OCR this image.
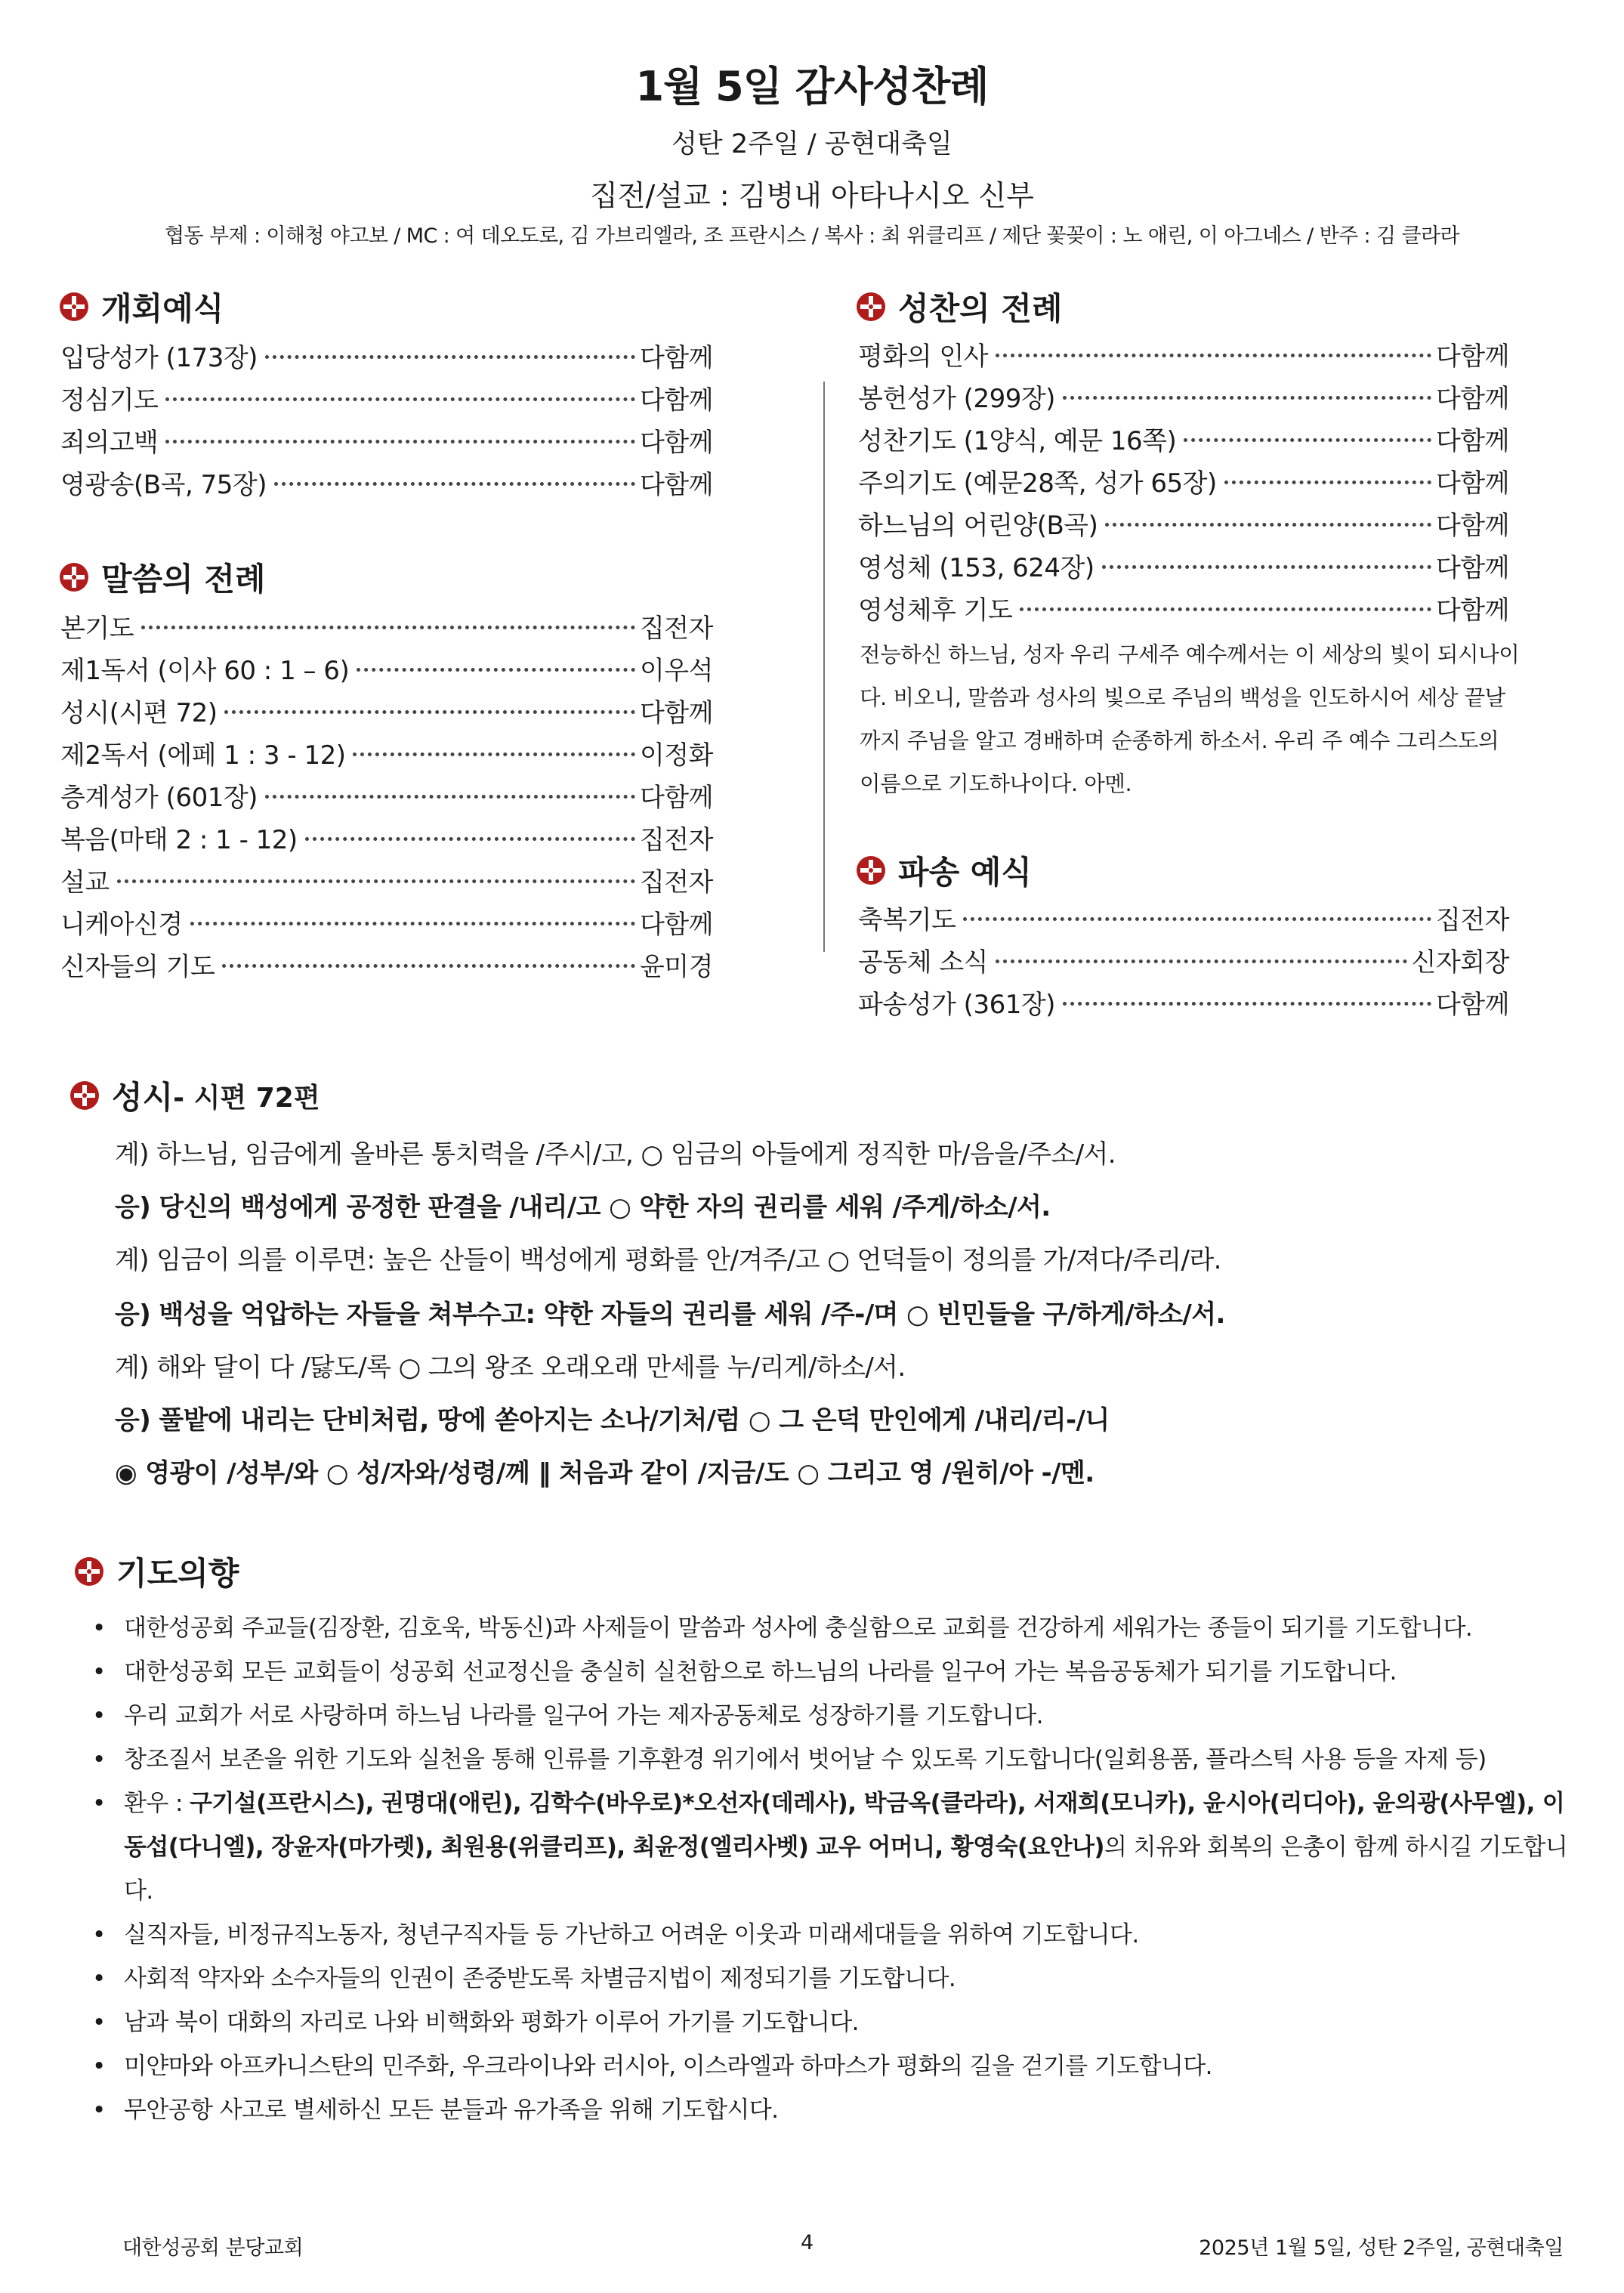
1월 5일 감사성찬례
성탄 2주일 / 공현대축일
집전/설교 : 김병내 아타나시오 신부
협동 부제 : 이해청 야고보 / MC : 여 데오도로, 김 가브리엘라, 조 프란시스 / 복사 : 최 위클리프 / 제단 꽃꽂이 : 노 애린, 이 아그네스 / 반주 : 김 클라라
개회예식
입당성가 (173장)	다함께
정심기도	다함께
죄의고백	다함께
영광송(B곡, 75장)	다함께
말씀의 전례
본기도	집전자
제1독서 (이사 60 : 1 – 6)	이우석
성시(시편 72)	다함께
제2독서 (에페 1 : 3 - 12)	이정화
층계성가 (601장)	다함께
복음(마태 2 : 1 - 12)	집전자
설교	집전자
니케아신경	다함께
신자들의 기도	윤미경
성찬의 전례
평화의 인사	다함께
봉헌성가 (299장)	다함께
성찬기도 (1양식, 예문 16쪽)	다함께
주의기도 (예문28쪽, 성가 65장)	다함께
하느님의 어린양(B곡)	다함께
영성체 (153, 624장)	다함께
영성체후 기도	다함께
전능하신 하느님, 성자 우리 구세주 예수께서는 이 세상의 빛이 되시나이다. 비오니, 말씀과 성사의 빛으로 주님의 백성을 인도하시어 세상 끝날까지 주님을 알고 경배하며 순종하게 하소서. 우리 주 예수 그리스도의 이름으로 기도하나이다. 아멘.
파송 예식
축복기도	집전자
공동체 소식	신자회장
파송성가 (361장)	다함께
성시 - 시편 72편
계) 하느님, 임금에게 올바른 통치력을 /주시/고, ○ 임금의 아들에게 정직한 마/음을/주소/서.
응) 당신의 백성에게 공정한 판결을 /내리/고 ○ 약한 자의 권리를 세워 /주게/하소/서.
계) 임금이 의를 이루면: 높은 산들이 백성에게 평화를 안/겨주/고 ○ 언덕들이 정의를 가/져다/주리/라.
응) 백성을 억압하는 자들을 쳐부수고: 약한 자들의 권리를 세워 /주-/며 ○ 빈민들을 구/하게/하소/서.
계) 해와 달이 다 /닳도/록 ○ 그의 왕조 오래오래 만세를 누/리게/하소/서.
응) 풀밭에 내리는 단비처럼, 땅에 쏟아지는 소나/기처/럼 ○ 그 은덕 만인에게 /내리/리-/니
◉ 영광이 /성부/와 ○ 성/자와/성령/께 ‖ 처음과 같이 /지금/도 ○ 그리고 영 /원히/아 -/멘.
기도의향
• 대한성공회 주교들(김장환, 김호욱, 박동신)과 사제들이 말씀과 성사에 충실함으로 교회를 건강하게 세워가는 종들이 되기를 기도합니다.
• 대한성공회 모든 교회들이 성공회 선교정신을 충실히 실천함으로 하느님의 나라를 일구어 가는 복음공동체가 되기를 기도합니다.
• 우리 교회가 서로 사랑하며 하느님 나라를 일구어 가는 제자공동체로 성장하기를 기도합니다.
• 창조질서 보존을 위한 기도와 실천을 통해 인류를 기후환경 위기에서 벗어날 수 있도록 기도합니다(일회용품, 플라스틱 사용 등을 자제 등)
• 환우 : 구기설(프란시스), 권명대(애린), 김학수(바우로)*오선자(데레사), 박금옥(클라라), 서재희(모니카), 윤시아(리디아), 윤의광(사무엘), 이동섭(다니엘), 장윤자(마가렛), 최원용(위클리프), 최윤정(엘리사벳) 교우 어머니, 황영숙(요안나)의 치유와 회복의 은총이 함께 하시길 기도합니다.
• 실직자들, 비정규직노동자, 청년구직자들 등 가난하고 어려운 이웃과 미래세대들을 위하여 기도합니다.
• 사회적 약자와 소수자들의 인권이 존중받도록 차별금지법이 제정되기를 기도합니다.
• 남과 북이 대화의 자리로 나와 비핵화와 평화가 이루어 가기를 기도합니다.
• 미얀마와 아프카니스탄의 민주화, 우크라이나와 러시아, 이스라엘과 하마스가 평화의 길을 걷기를 기도합니다.
• 무안공항 사고로 별세하신 모든 분들과 유가족을 위해 기도합시다.
대한성공회 분당교회	4	2025년 1월 5일, 성탄 2주일, 공현대축일
